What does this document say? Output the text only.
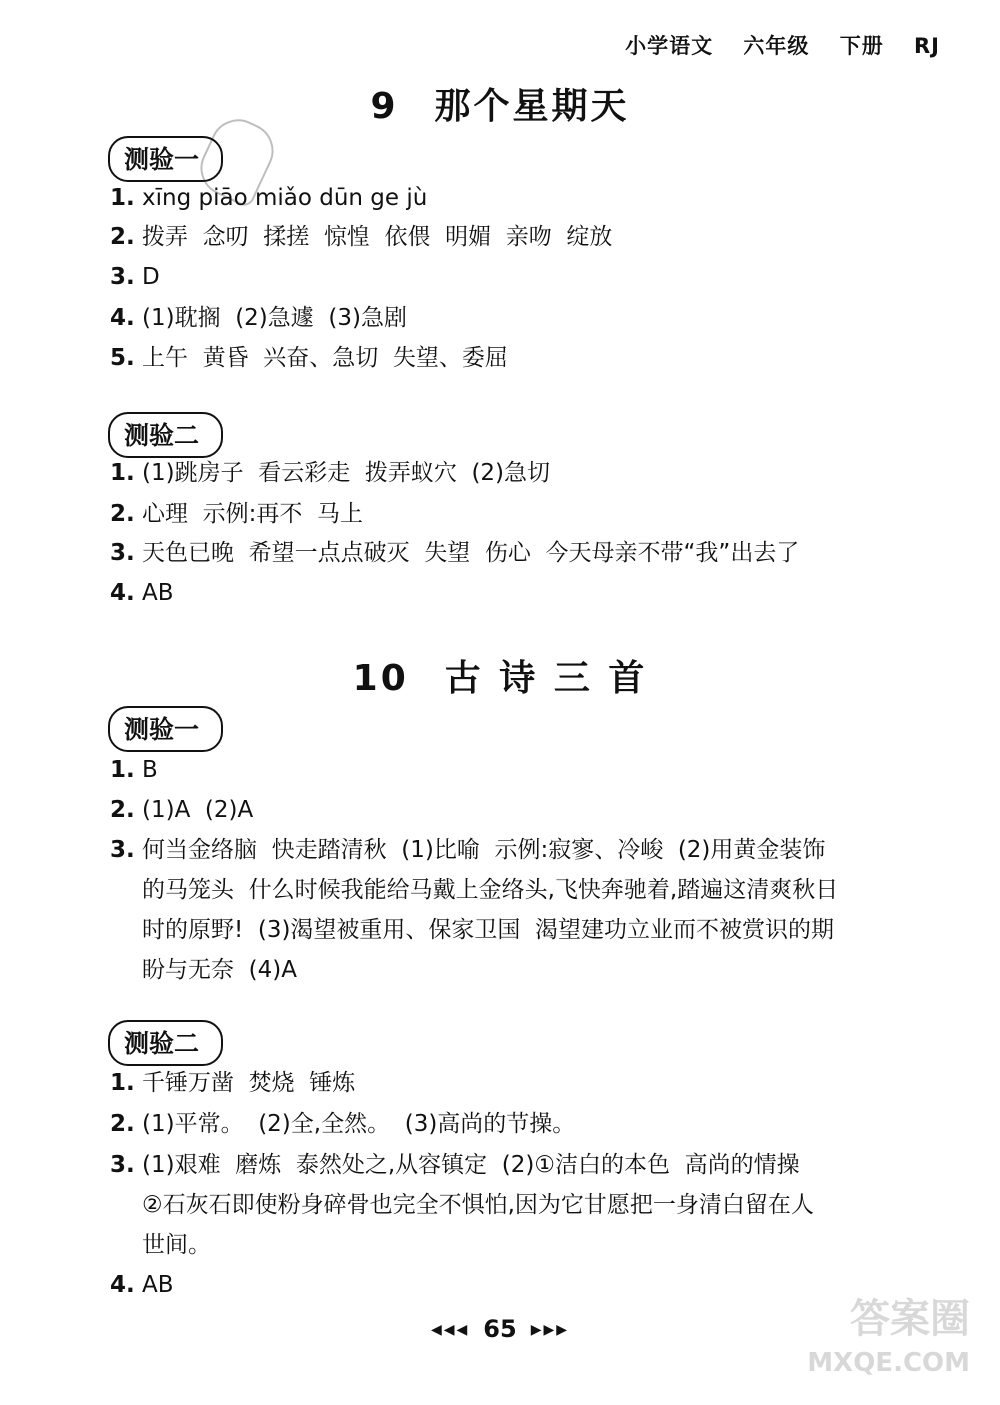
小学语文 六年级 下册 RJ
9 那个星期天
测验一
1. xīng piāo miǎo dūn ge jù
2. 拨弄  念叨  揉搓  惊惶  依偎  明媚  亲吻  绽放
3. D
4. (1)耽搁  (2)急遽  (3)急剧
5. 上午  黄昏  兴奋、急切  失望、委屈
测验二
1. (1)跳房子  看云彩走  拨弄蚁穴  (2)急切
2. 心理  示例:再不  马上
3. 天色已晚  希望一点点破灭  失望  伤心  今天母亲不带“我”出去了
4. AB
10 古 诗 三 首
测验一
1. B
2. (1)A  (2)A
3. 何当金络脑  快走踏清秋  (1)比喻  示例:寂寥、冷峻  (2)用黄金装饰
的马笼头  什么时候我能给马戴上金络头,飞快奔驰着,踏遍这清爽秋日
时的原野!  (3)渴望被重用、保家卫国  渴望建功立业而不被赏识的期
盼与无奈  (4)A
测验二
1. 千锤万凿  焚烧  锤炼
2. (1)平常。  (2)全,全然。  (3)高尚的节操。
3. (1)艰难  磨炼  泰然处之,从容镇定  (2)①洁白的本色  高尚的情操
②石灰石即使粉身碎骨也完全不惧怕,因为它甘愿把一身清白留在人
世间。
4. AB
◀◀◀ 65 ▶▶▶	答案圈
MXQE.COM
